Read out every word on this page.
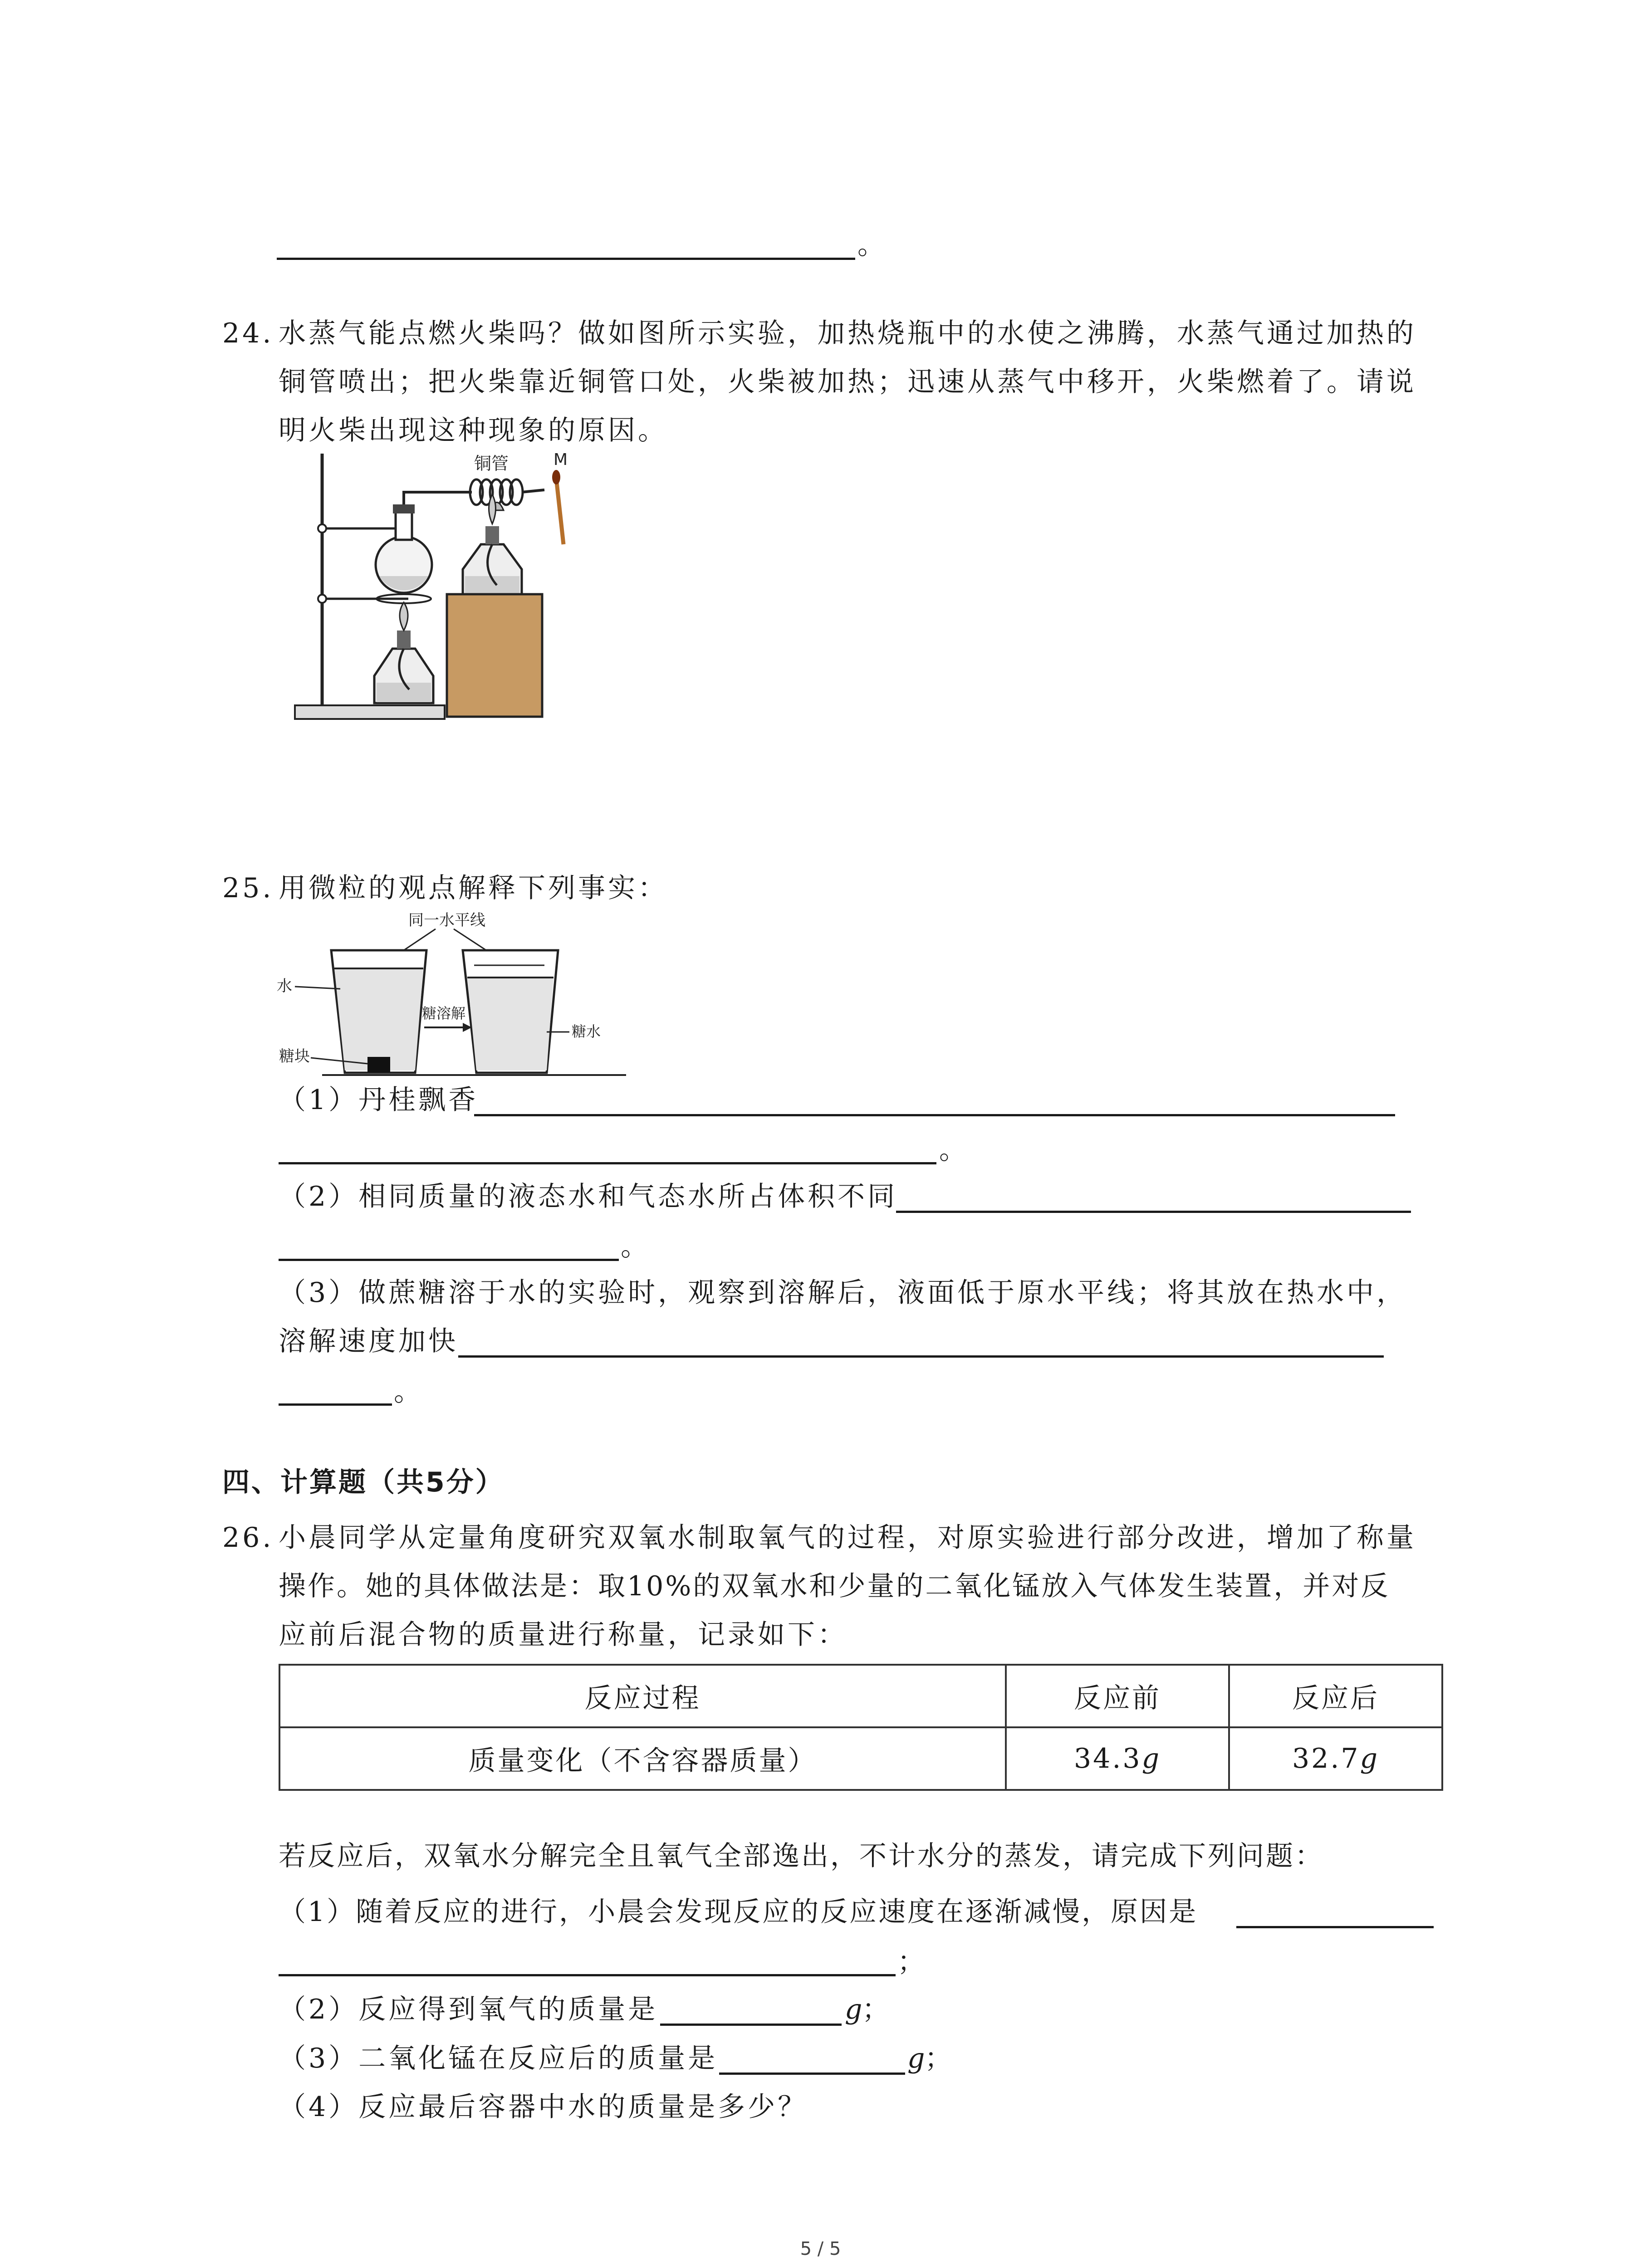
。
24. 水蒸气能点燃火柴吗？做如图所示实验，加热烧瓶中的水使之沸腾，水蒸气通过加热的
铜管喷出；把火柴靠近铜管口处，火柴被加热；迅速从蒸气中移开，火柴燃着了。请说
明火柴出现这种现象的原因。
铜管	M
25. 用微粒的观点解释下列事实：
同一水平线
糖溶解
水
糖水
糖块
（1）丹桂飘香
。
（2）相同质量的液态水和气态水所占体积不同
。
（3）做蔗糖溶于水的实验时，观察到溶解后，液面低于原水平线；将其放在热水中，
溶解速度加快
。
四、计算题（共5分）
26. 小晨同学从定量角度研究双氧水制取氧气的过程，对原实验进行部分改进，增加了称量
操作。她的具体做法是：取10%的双氧水和少量的二氧化锰放入气体发生装置，并对反
应前后混合物的质量进行称量，记录如下：
反应过程	反应前	反应后
质量变化（不含容器质量）	34.3g	32.7g
若反应后，双氧水分解完全且氧气全部逸出，不计水分的蒸发，请完成下列问题：
（1）随着反应的进行，小晨会发现反应的反应速度在逐渐减慢，原因是
；
（2）反应得到氧气的质量是	g ；
（3）二氧化锰在反应后的质量是	g ；
（4）反应最后容器中水的质量是多少？
5 / 5
